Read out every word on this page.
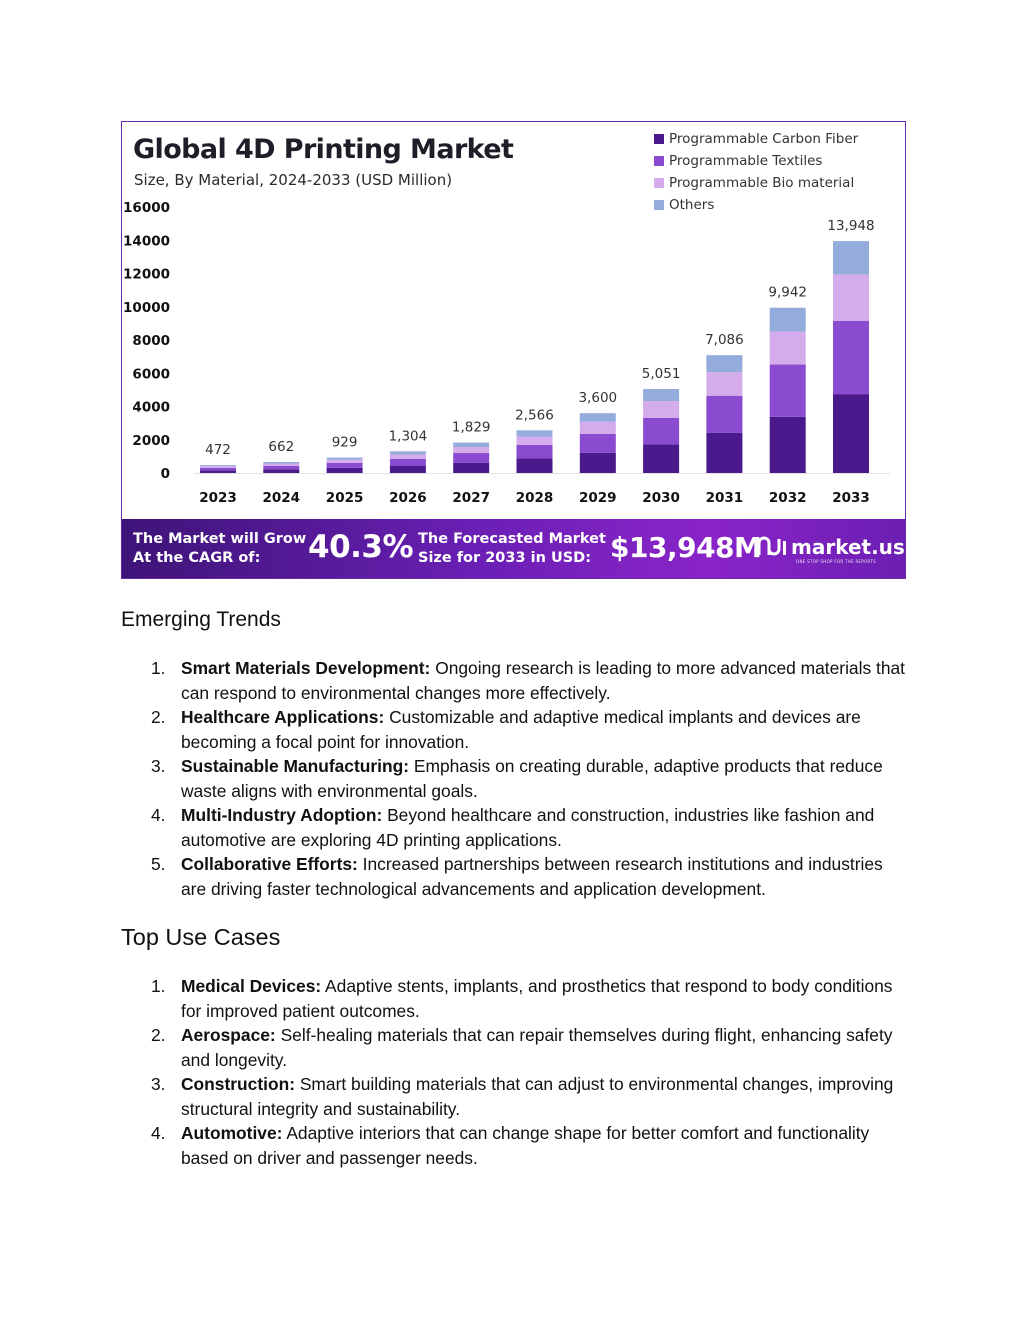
0
2000
4000
6000
8000
10000
12000
14000
16000
472
2023
662
2024
929
2025
1,304
2026
1,829
2027
2,566
2028
3,600
2029
5,051
2030
7,086
2031
9,942
2032
13,948
2033
Global 4D Printing Market
Size, By Material, 2024-2033 (USD Million)
Programmable Carbon Fiber
Programmable Textiles
Programmable Bio material
Others
The Market will Grow
At the CAGR of:	40.3% The Forecasted Market
Size for 2033 in USD: $13,948M market.us
ONE STOP SHOP FOR THE REPORTS
Emerging Trends
1. Smart Materials Development: Ongoing research is leading to more advanced materials that can respond to environmental changes more effectively.
2. Healthcare Applications: Customizable and adaptive medical implants and devices are becoming a focal point for innovation.
3. Sustainable Manufacturing: Emphasis on creating durable, adaptive products that reduce waste aligns with environmental goals.
4. Multi-Industry Adoption: Beyond healthcare and construction, industries like fashion and automotive are exploring 4D printing applications.
5. Collaborative Efforts: Increased partnerships between research institutions and industries are driving faster technological advancements and application development.
Top Use Cases
1. Medical Devices: Adaptive stents, implants, and prosthetics that respond to body conditions for improved patient outcomes.
2. Aerospace: Self-healing materials that can repair themselves during flight, enhancing safety and longevity.
3. Construction: Smart building materials that can adjust to environmental changes, improving structural integrity and sustainability.
4. Automotive: Adaptive interiors that can change shape for better comfort and functionality based on driver and passenger needs.
